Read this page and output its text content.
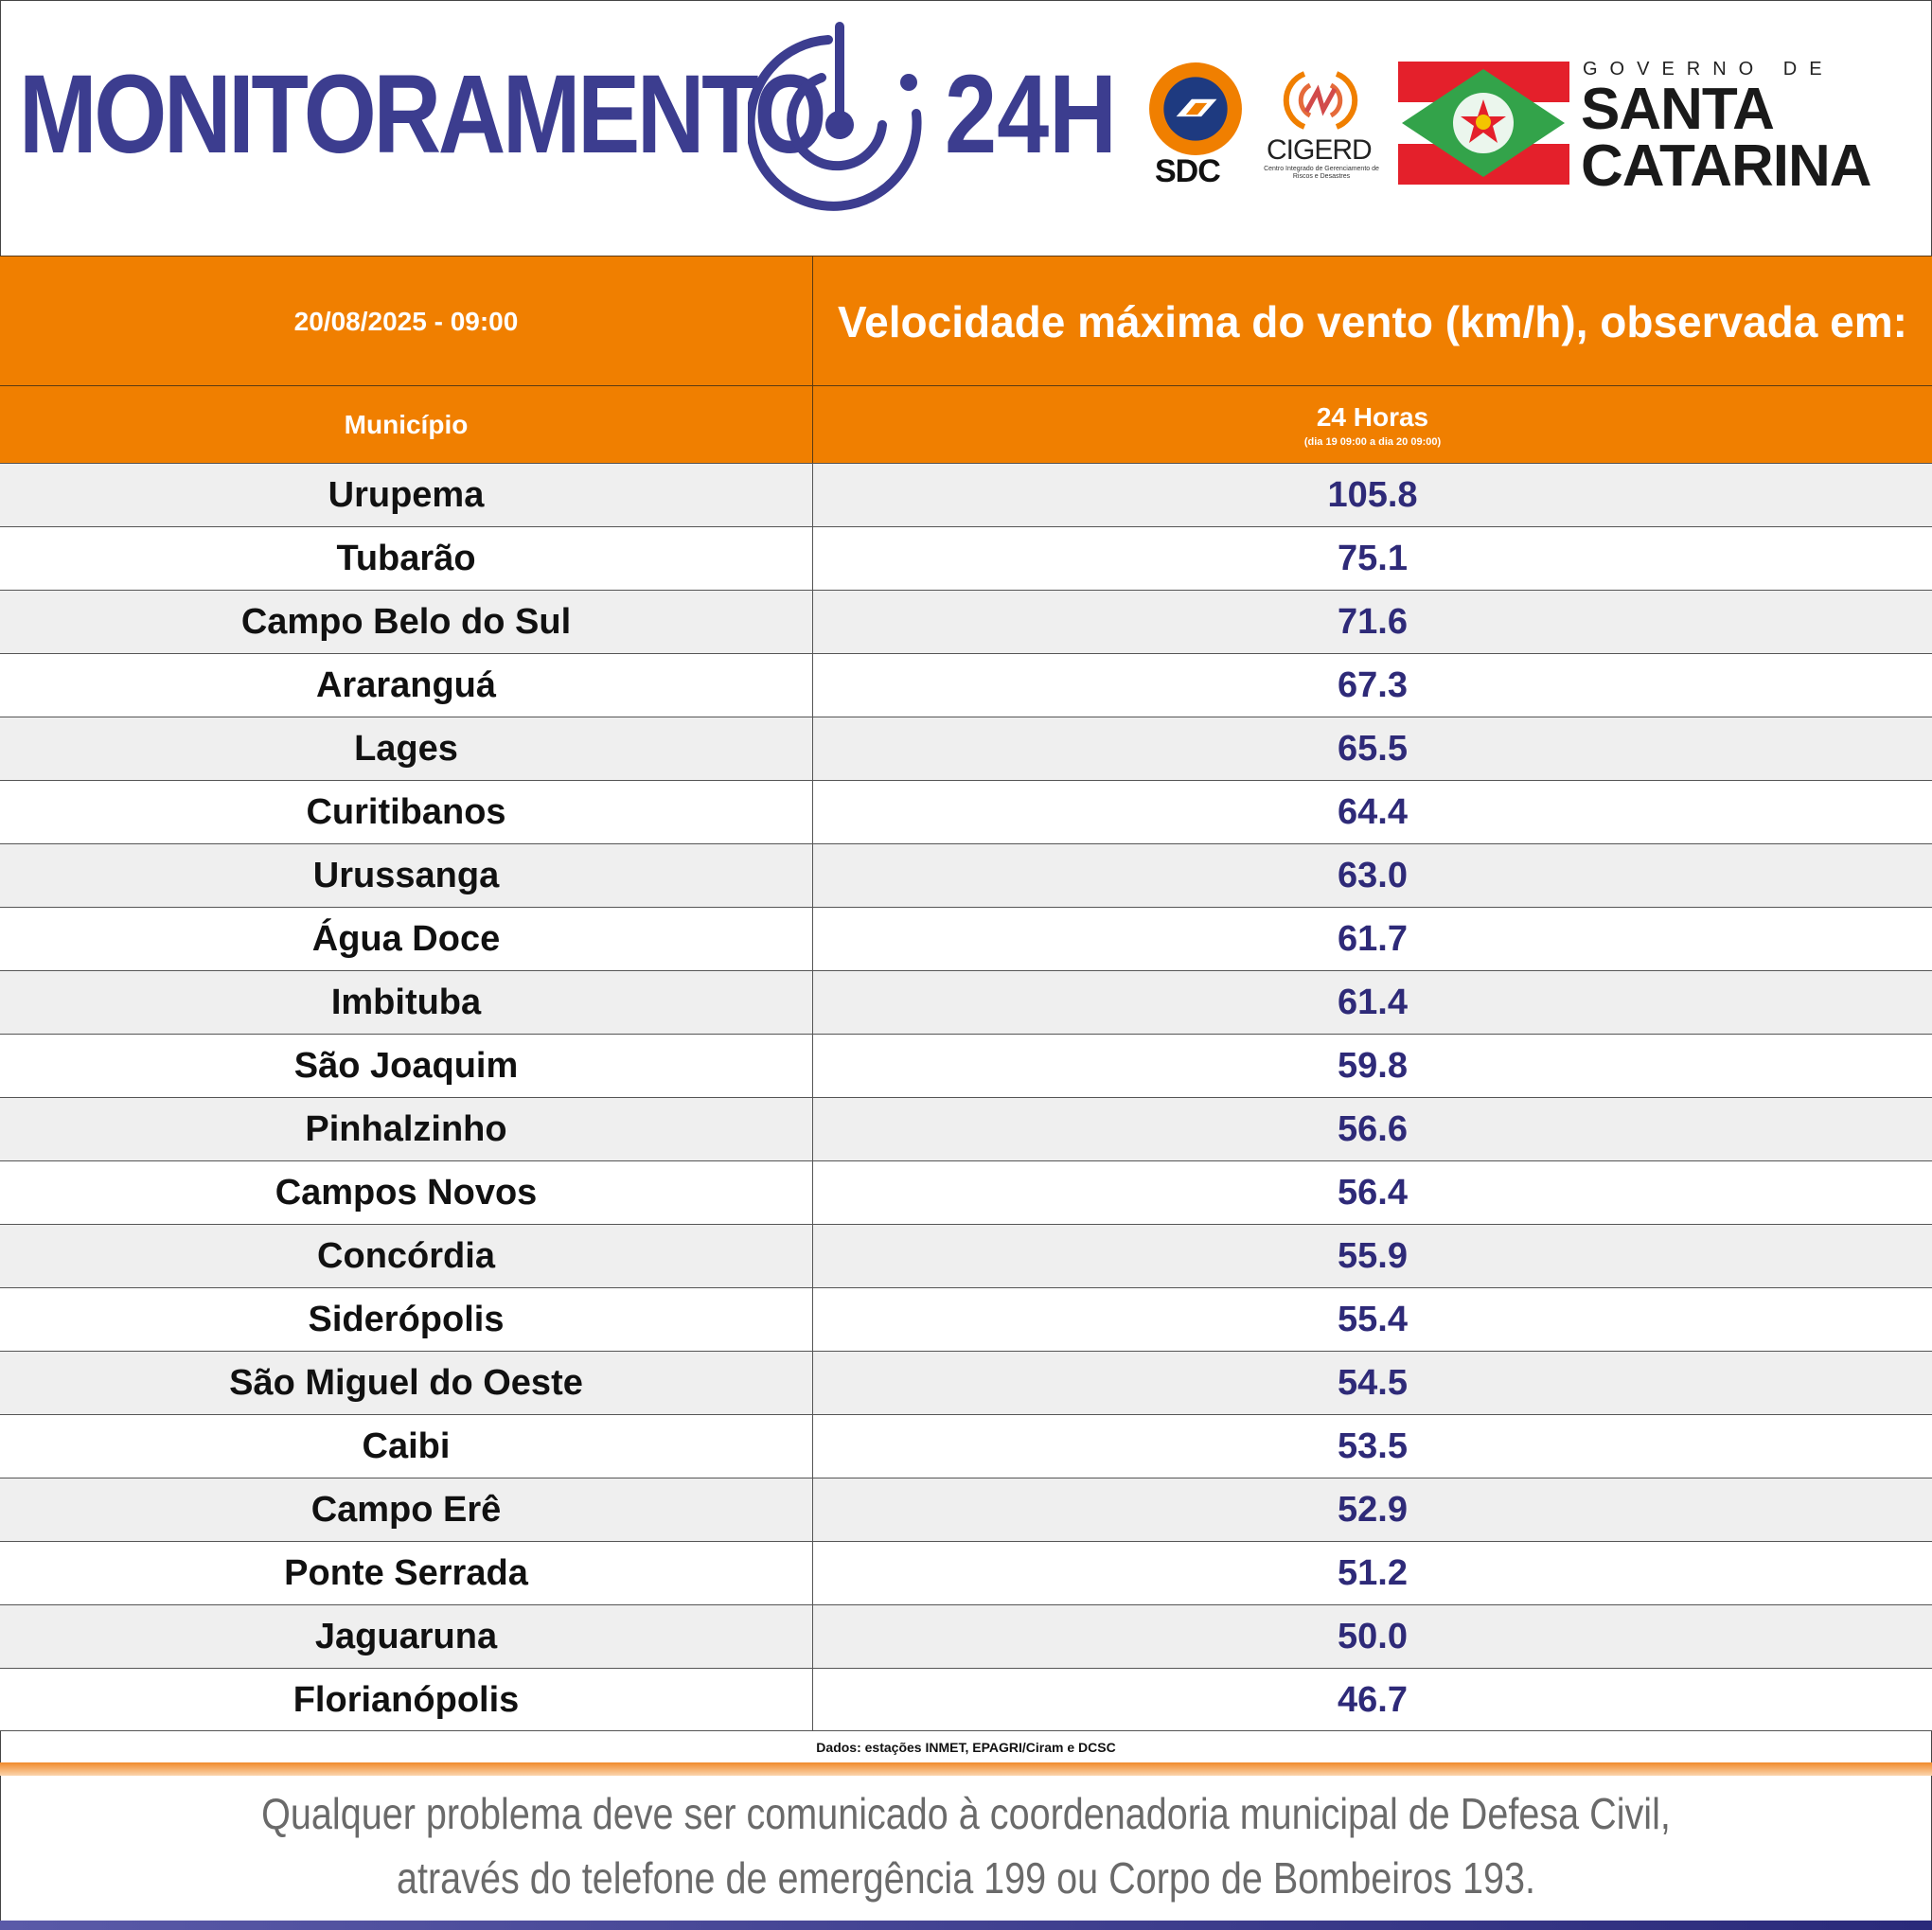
MONITORAMENTO 24H SDC
CIGERD
Centro Integrado de Gerenciamento de Riscos e Desastres
GOVERNO DE
SANTA
CATARINA
20/08/2025 - 09:00	Velocidade máxima do vento (km/h), observada em:
Município	24 Horas
(dia 19 09:00 a dia 20 09:00)
Urupema	105.8
Tubarão	75.1
Campo Belo do Sul	71.6
Araranguá	67.3
Lages	65.5
Curitibanos	64.4
Urussanga	63.0
Água Doce	61.7
Imbituba	61.4
São Joaquim	59.8
Pinhalzinho	56.6
Campos Novos	56.4
Concórdia	55.9
Siderópolis	55.4
São Miguel do Oeste	54.5
Caibi	53.5
Campo Erê	52.9
Ponte Serrada	51.2
Jaguaruna	50.0
Florianópolis	46.7
Dados: estações INMET, EPAGRI/Ciram e DCSC
Qualquer problema deve ser comunicado à coordenadoria municipal de Defesa Civil,
através do telefone de emergência 199 ou Corpo de Bombeiros 193.
